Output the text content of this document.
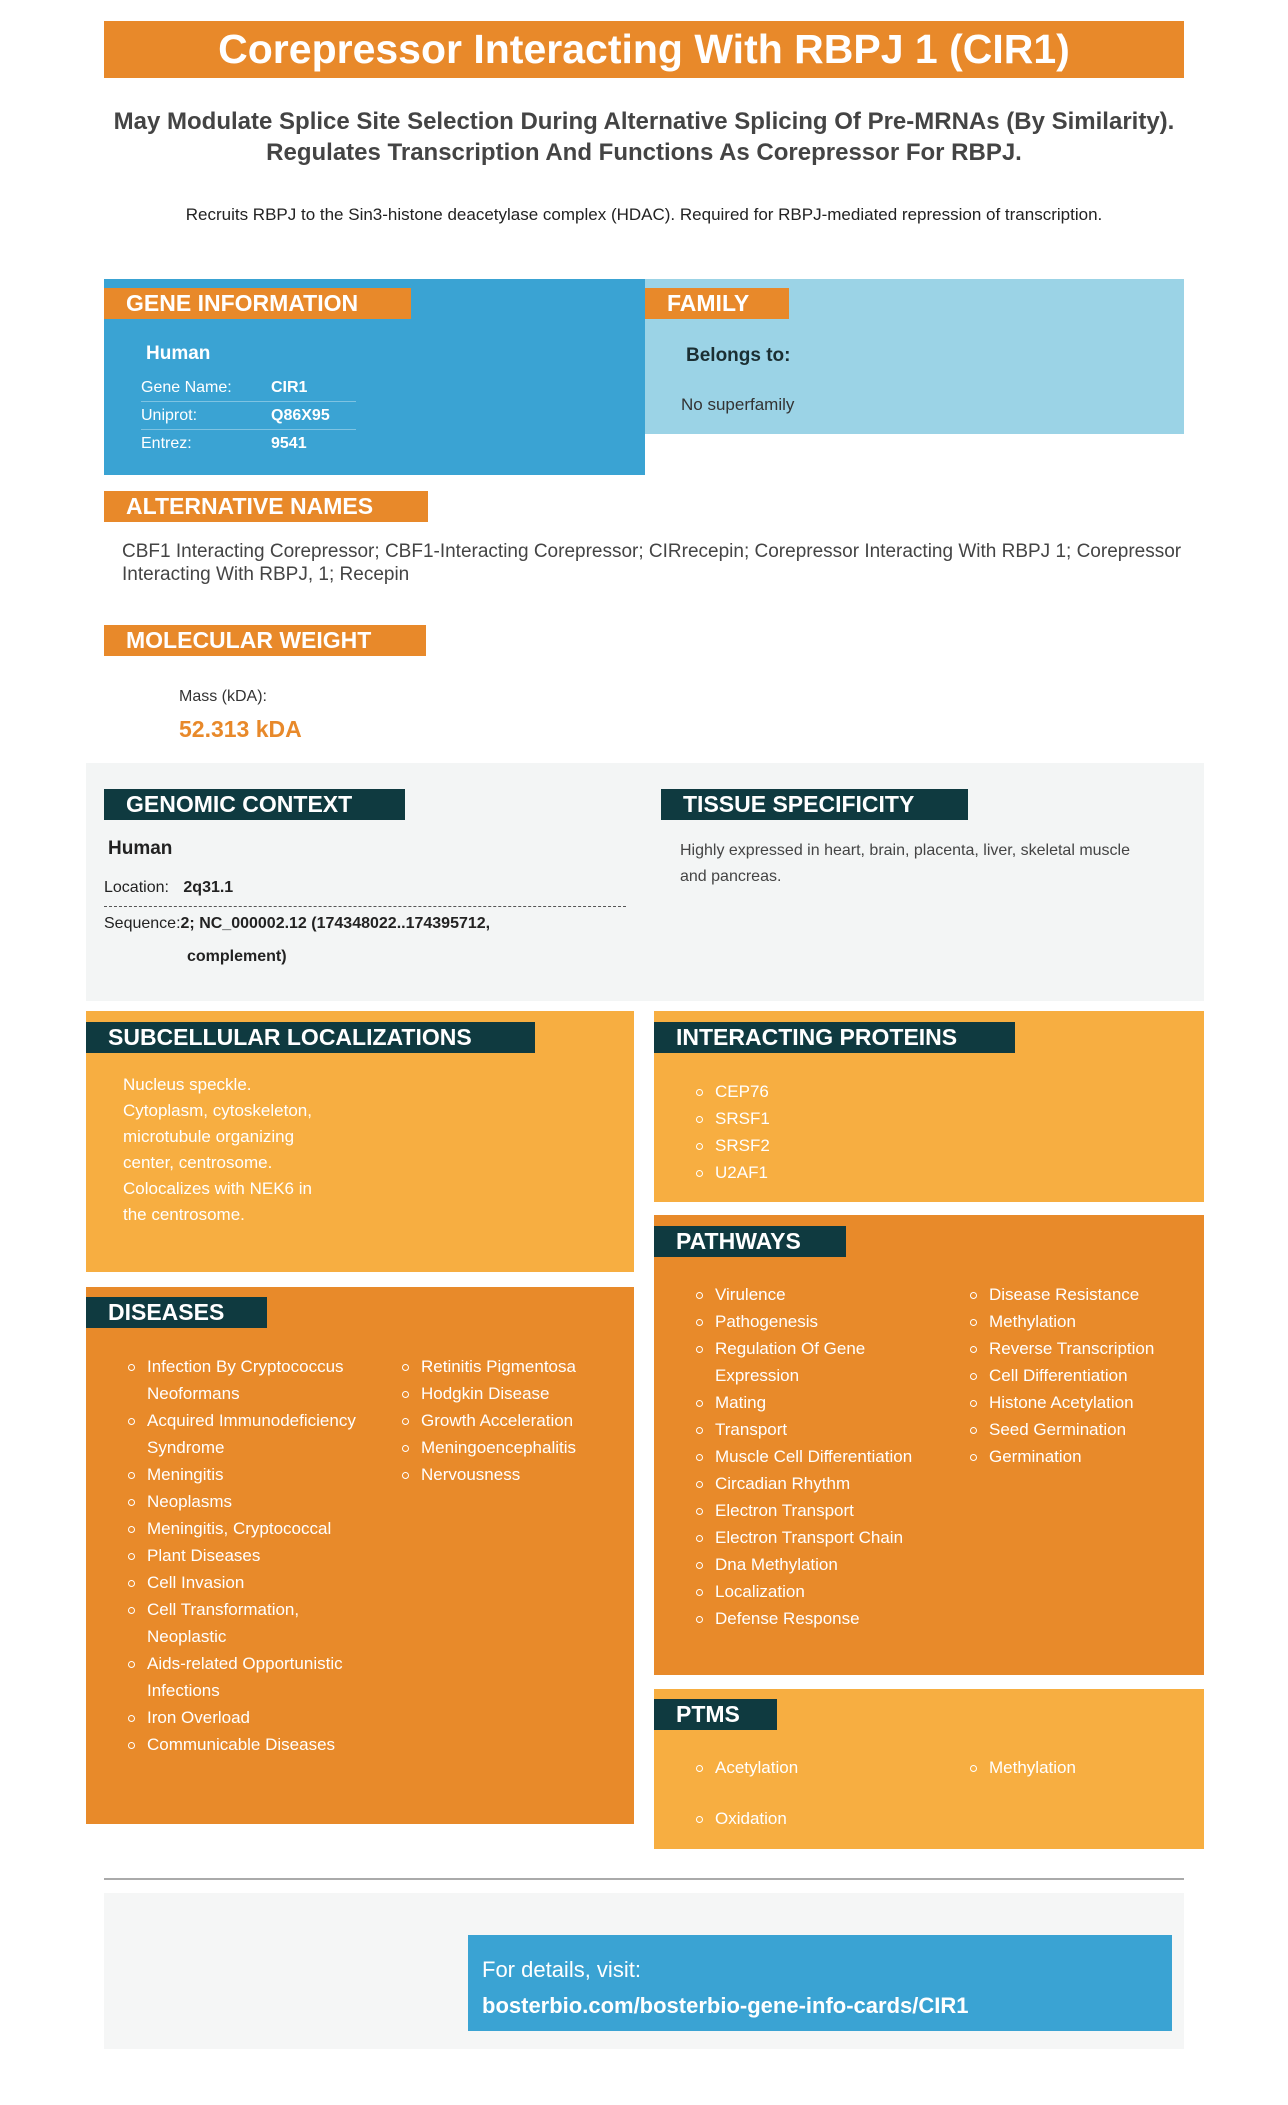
Corepressor Interacting With RBPJ 1 (CIR1)
May Modulate Splice Site Selection During Alternative Splicing Of Pre-MRNAs (By Similarity). Regulates Transcription And Functions As Corepressor For RBPJ.
Recruits RBPJ to the Sin3-histone deacetylase complex (HDAC). Required for RBPJ-mediated repression of transcription.
GENE INFORMATION
Human
Gene Name:	CIR1
Uniprot:	Q86X95
Entrez:	9541
FAMILY
Belongs to:
No superfamily
ALTERNATIVE NAMES
CBF1 Interacting Corepressor; CBF1-Interacting Corepressor; CIRrecepin; Corepressor Interacting With RBPJ 1; Corepressor Interacting With RBPJ, 1; Recepin
MOLECULAR WEIGHT
Mass (kDA):
52.313 kDA
GENOMIC CONTEXT
Human
Location: 2q31.1
Sequence:2; NC_000002.12 (174348022..174395712,
complement)
TISSUE SPECIFICITY
Highly expressed in heart, brain, placenta, liver, skeletal muscle and pancreas.
SUBCELLULAR LOCALIZATIONS
Nucleus speckle. Cytoplasm, cytoskeleton, microtubule organizing center, centrosome. Colocalizes with NEK6 in the centrosome.
INTERACTING PROTEINS
CEP76
SRSF1
SRSF2
U2AF1
DISEASES
Infection By Cryptococcus Neoformans
Acquired Immunodeficiency Syndrome
Meningitis
Neoplasms
Meningitis, Cryptococcal
Plant Diseases
Cell Invasion
Cell Transformation, Neoplastic
Aids-related Opportunistic Infections
Iron Overload
Communicable Diseases
Retinitis Pigmentosa
Hodgkin Disease
Growth Acceleration
Meningoencephalitis
Nervousness
PATHWAYS
Virulence
Pathogenesis
Regulation Of Gene Expression
Mating
Transport
Muscle Cell Differentiation
Circadian Rhythm
Electron Transport
Electron Transport Chain
Dna Methylation
Localization
Defense Response
Disease Resistance
Methylation
Reverse Transcription
Cell Differentiation
Histone Acetylation
Seed Germination
Germination
PTMS
Acetylation
Oxidation
Methylation
For details, visit:
bosterbio.com/bosterbio-gene-info-cards/CIR1
